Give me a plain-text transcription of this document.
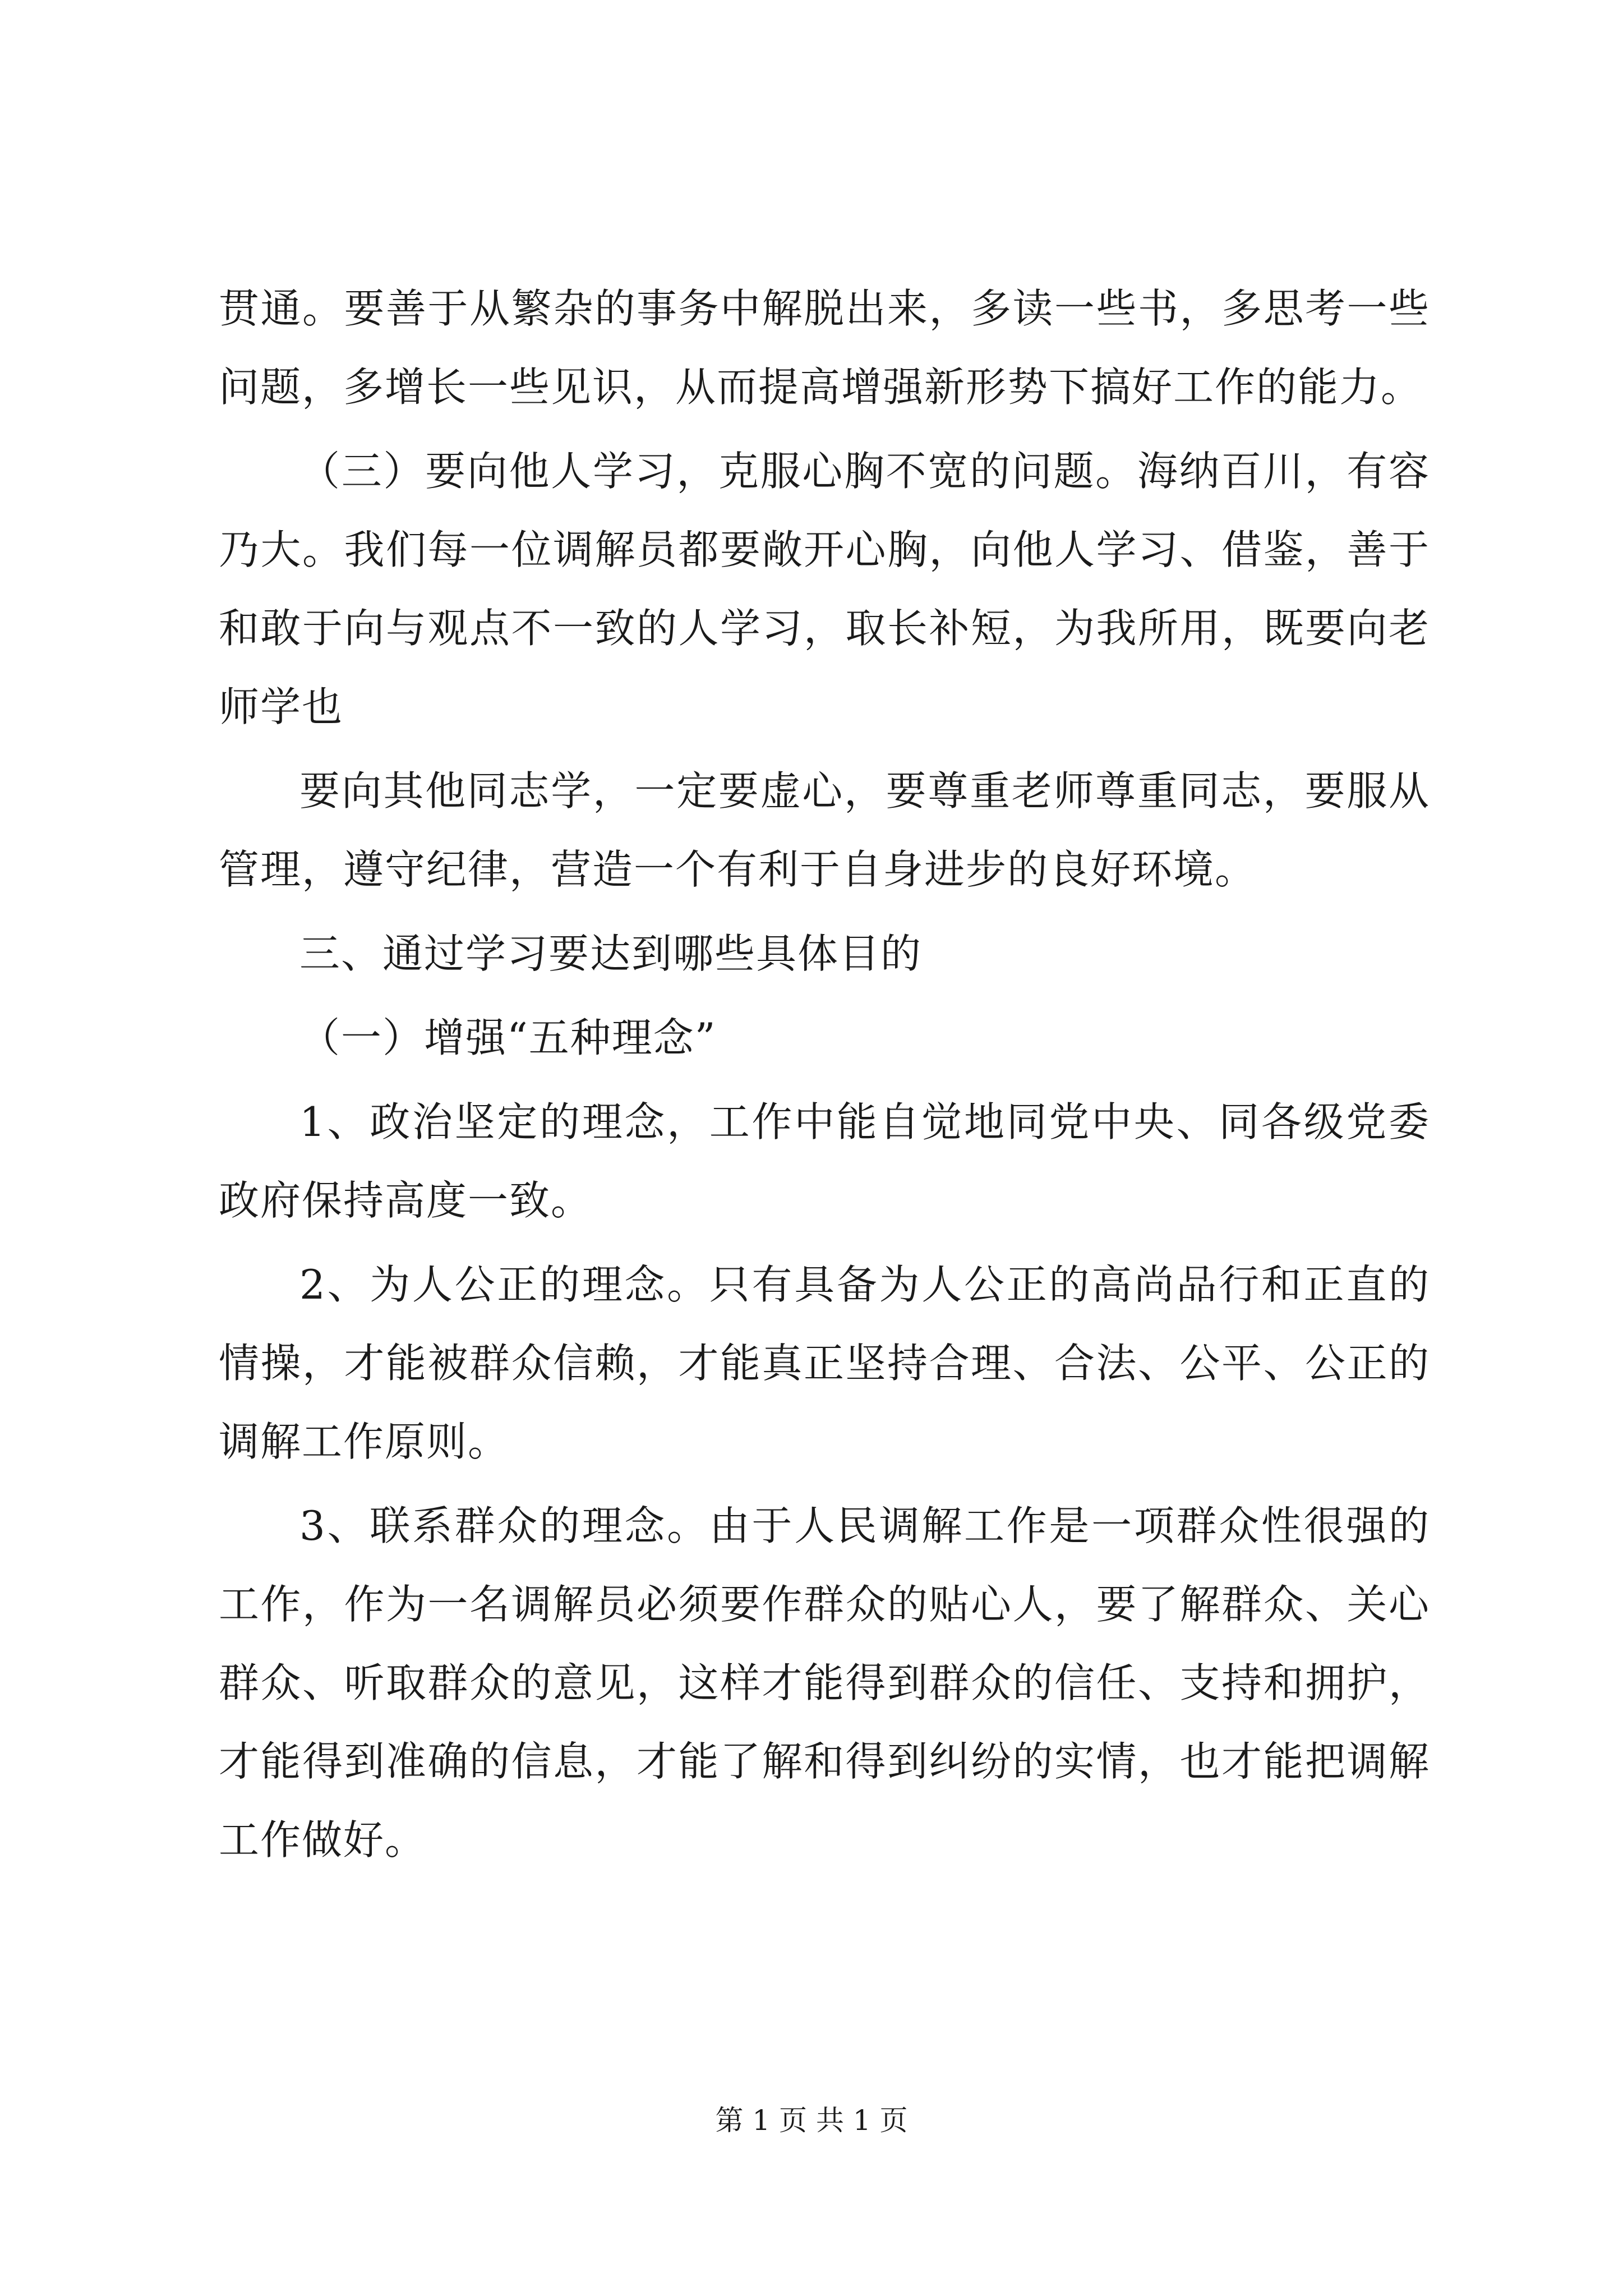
贯通。要善于从繁杂的事务中解脱出来，多读一些书，多思考一些问题，多增长一些见识，从而提高增强新形势下搞好工作的能力。

（三）要向他人学习，克服心胸不宽的问题。海纳百川，有容乃大。我们每一位调解员都要敞开心胸，向他人学习、借鉴，善于和敢于向与观点不一致的人学习，取长补短，为我所用，既要向老师学也

要向其他同志学，一定要虚心，要尊重老师尊重同志，要服从管理，遵守纪律，营造一个有利于自身进步的良好环境。

三、通过学习要达到哪些具体目的

（一）增强“五种理念”

1、政治坚定的理念，工作中能自觉地同党中央、同各级党委政府保持高度一致。

2、为人公正的理念。只有具备为人公正的高尚品行和正直的情操，才能被群众信赖，才能真正坚持合理、合法、公平、公正的调解工作原则。

3、联系群众的理念。由于人民调解工作是一项群众性很强的工作，作为一名调解员必须要作群众的贴心人，要了解群众、关心群众、听取群众的意见，这样才能得到群众的信任、支持和拥护，才能得到准确的信息，才能了解和得到纠纷的实情，也才能把调解工作做好。

第 1 页 共 1 页
